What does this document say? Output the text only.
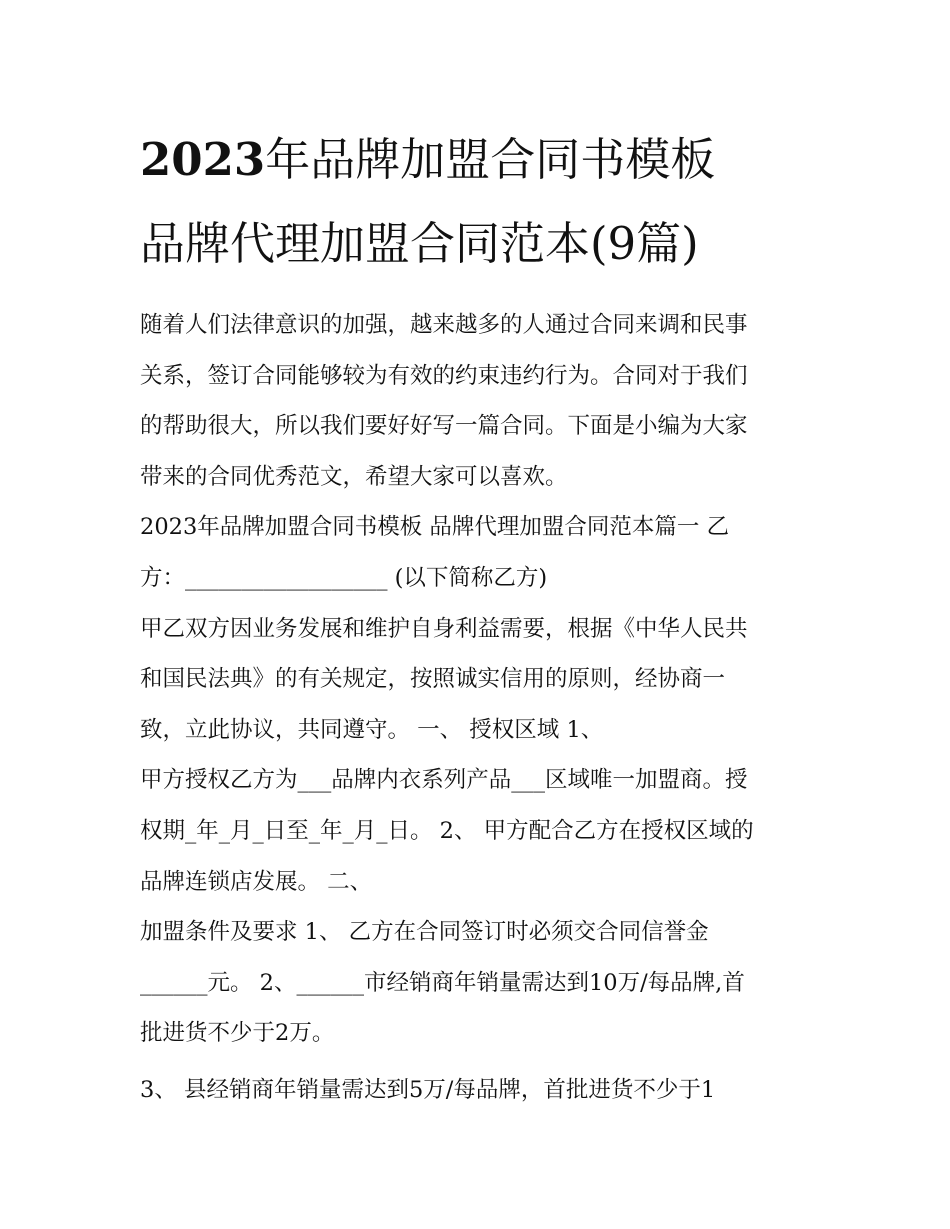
2023年品牌加盟合同书模板
品牌代理加盟合同范本(9篇)
随着人们法律意识的加强，越来越多的人通过合同来调和民事
关系，签订合同能够较为有效的约束违约行为。合同对于我们
的帮助很大，所以我们要好好写一篇合同。下面是小编为大家
带来的合同优秀范文，希望大家可以喜欢。
2023年品牌加盟合同书模板 品牌代理加盟合同范本篇一 乙
方：__________________ (以下简称乙方)
甲乙双方因业务发展和维护自身利益需要，根据《中华人民共
和国民法典》的有关规定，按照诚实信用的原则，经协商一
致，立此协议，共同遵守。 一、 授权区域 1、
甲方授权乙方为___品牌内衣系列产品___区域唯一加盟商。授
权期_年_月_日至_年_月_日。 2、 甲方配合乙方在授权区域的
品牌连锁店发展。 二、
加盟条件及要求 1、 乙方在合同签订时必须交合同信誉金
______元。 2、______市经销商年销量需达到10万/每品牌,首
批进货不少于2万。
3、 县经销商年销量需达到5万/每品牌，首批进货不少于1
